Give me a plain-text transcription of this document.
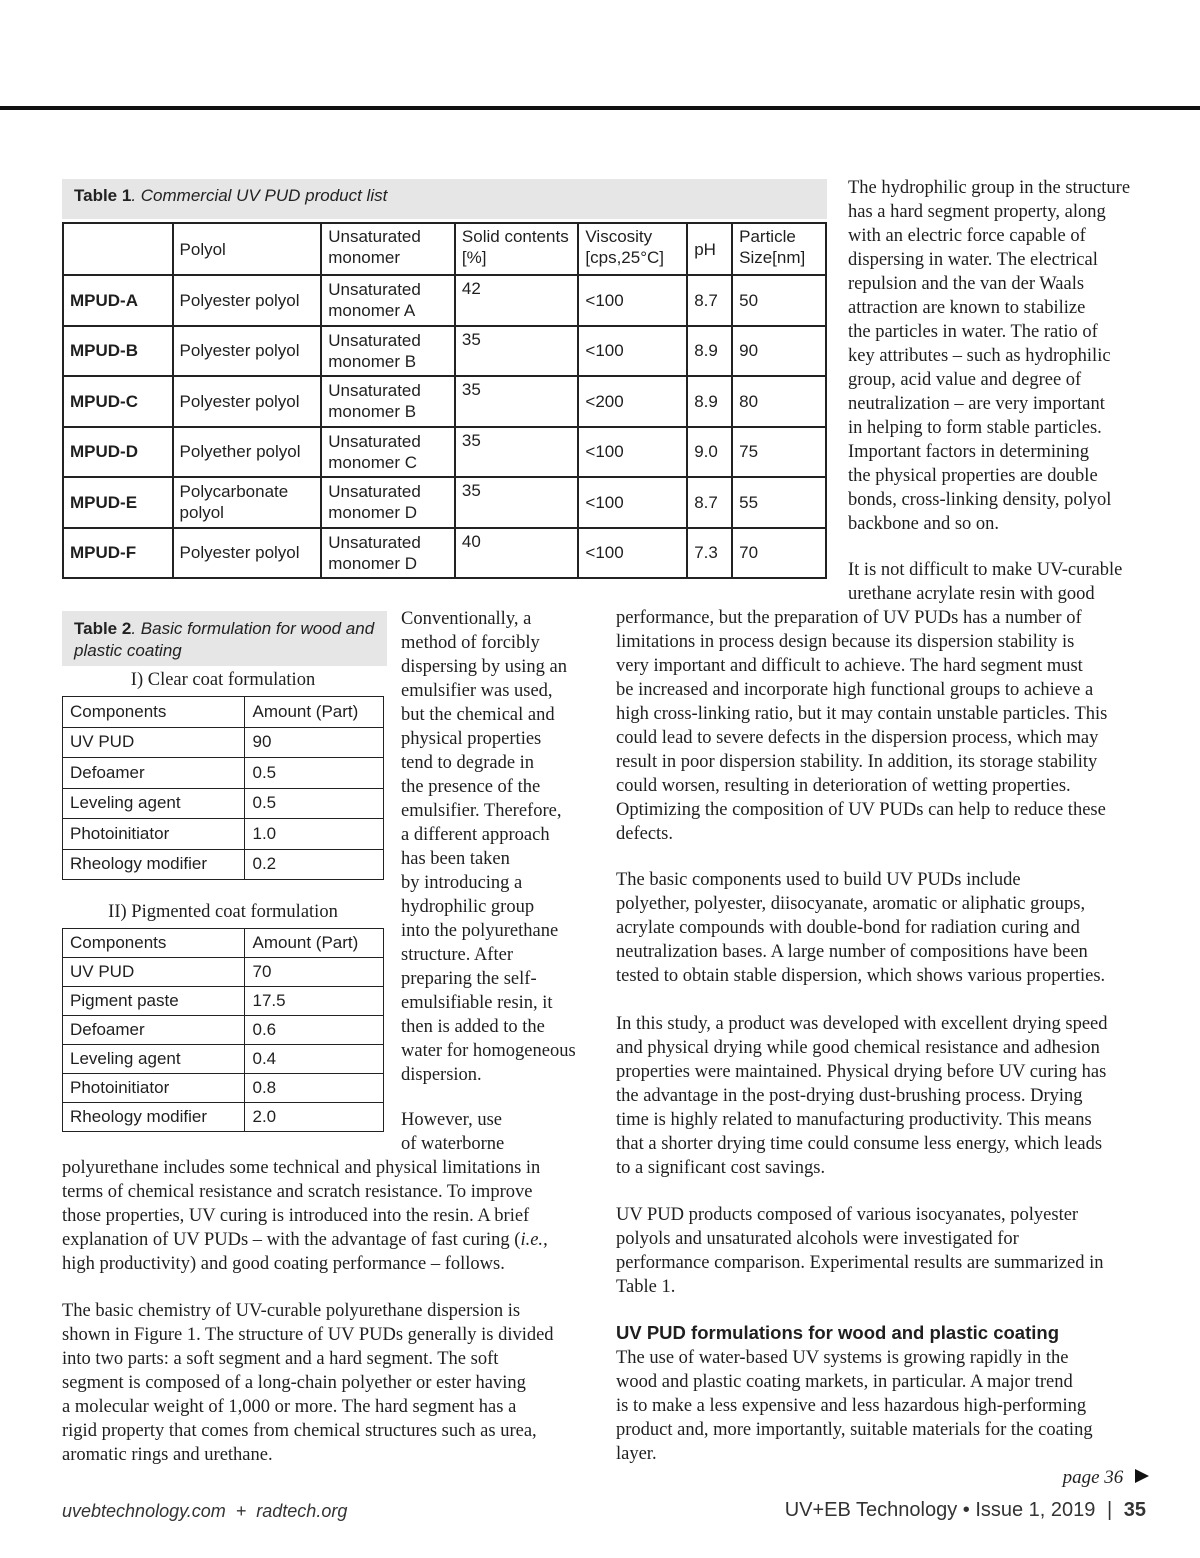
Table 1. Commercial UV PUD product list
	Polyol	Unsaturated monomer	Solid contents [%]	Viscosity [cps,25°C]	pH	Particle Size[nm]
MPUD-A	Polyester polyol	Unsaturated monomer A	42	<100	8.7	50
MPUD-B	Polyester polyol	Unsaturated monomer B	35	<100	8.9	90
MPUD-C	Polyester polyol	Unsaturated monomer B	35	<200	8.9	80
MPUD-D	Polyether polyol	Unsaturated monomer C	35	<100	9.0	75
MPUD-E	Polycarbonate polyol	Unsaturated monomer D	35	<100	8.7	55
MPUD-F	Polyester polyol	Unsaturated monomer D	40	<100	7.3	70
Table 2. Basic formulation for wood and plastic coating
I) Clear coat formulation
Components	Amount (Part)
UV PUD	90
Defoamer	0.5
Leveling agent	0.5
Photoinitiator	1.0
Rheology modifier	0.2
II) Pigmented coat formulation
Components	Amount (Part)
UV PUD	70
Pigment paste	17.5
Defoamer	0.6
Leveling agent	0.4
Photoinitiator	0.8
Rheology modifier	2.0
Conventionally, a
method of forcibly
dispersing by using an
emulsifier was used,
but the chemical and
physical properties
tend to degrade in
the presence of the
emulsifier. Therefore,
a different approach
has been taken
by introducing a
hydrophilic group
into the polyurethane
structure. After
preparing the self-
emulsifiable resin, it
then is added to the
water for homogeneous
dispersion.
However, use
of waterborne
polyurethane includes some technical and physical limitations in
terms of chemical resistance and scratch resistance. To improve
those properties, UV curing is introduced into the resin. A brief
explanation of UV PUDs – with the advantage of fast curing (i.e.,
high productivity) and good coating performance – follows.
The basic chemistry of UV-curable polyurethane dispersion is
shown in Figure 1. The structure of UV PUDs generally is divided
into two parts: a soft segment and a hard segment. The soft
segment is composed of a long-chain polyether or ester having
a molecular weight of 1,000 or more. The hard segment has a
rigid property that comes from chemical structures such as urea,
aromatic rings and urethane.
The hydrophilic group in the structure
has a hard segment property, along
with an electric force capable of
dispersing in water. The electrical
repulsion and the van der Waals
attraction are known to stabilize
the particles in water. The ratio of
key attributes – such as hydrophilic
group, acid value and degree of
neutralization – are very important
in helping to form stable particles.
Important factors in determining
the physical properties are double
bonds, cross-linking density, polyol
backbone and so on.
It is not difficult to make UV-curable
urethane acrylate resin with good
performance, but the preparation of UV PUDs has a number of
limitations in process design because its dispersion stability is
very important and difficult to achieve. The hard segment must
be increased and incorporate high functional groups to achieve a
high cross-linking ratio, but it may contain unstable particles. This
could lead to severe defects in the dispersion process, which may
result in poor dispersion stability. In addition, its storage stability
could worsen, resulting in deterioration of wetting properties.
Optimizing the composition of UV PUDs can help to reduce these
defects.
The basic components used to build UV PUDs include
polyether, polyester, diisocyanate, aromatic or aliphatic groups,
acrylate compounds with double-bond for radiation curing and
neutralization bases. A large number of compositions have been
tested to obtain stable dispersion, which shows various properties.
In this study, a product was developed with excellent drying speed
and physical drying while good chemical resistance and adhesion
properties were maintained. Physical drying before UV curing has
the advantage in the post-drying dust-brushing process. Drying
time is highly related to manufacturing productivity. This means
that a shorter drying time could consume less energy, which leads
to a significant cost savings.
UV PUD products composed of various isocyanates, polyester
polyols and unsaturated alcohols were investigated for
performance comparison. Experimental results are summarized in
Table 1.
UV PUD formulations for wood and plastic coating
The use of water-based UV systems is growing rapidly in the
wood and plastic coating markets, in particular. A major trend
is to make a less expensive and less hazardous high-performing
product and, more importantly, suitable materials for the coating
layer.
page 36
uvebtechnology.com  +  radtech.org	UV+EB Technology • Issue 1, 2019 | 35
